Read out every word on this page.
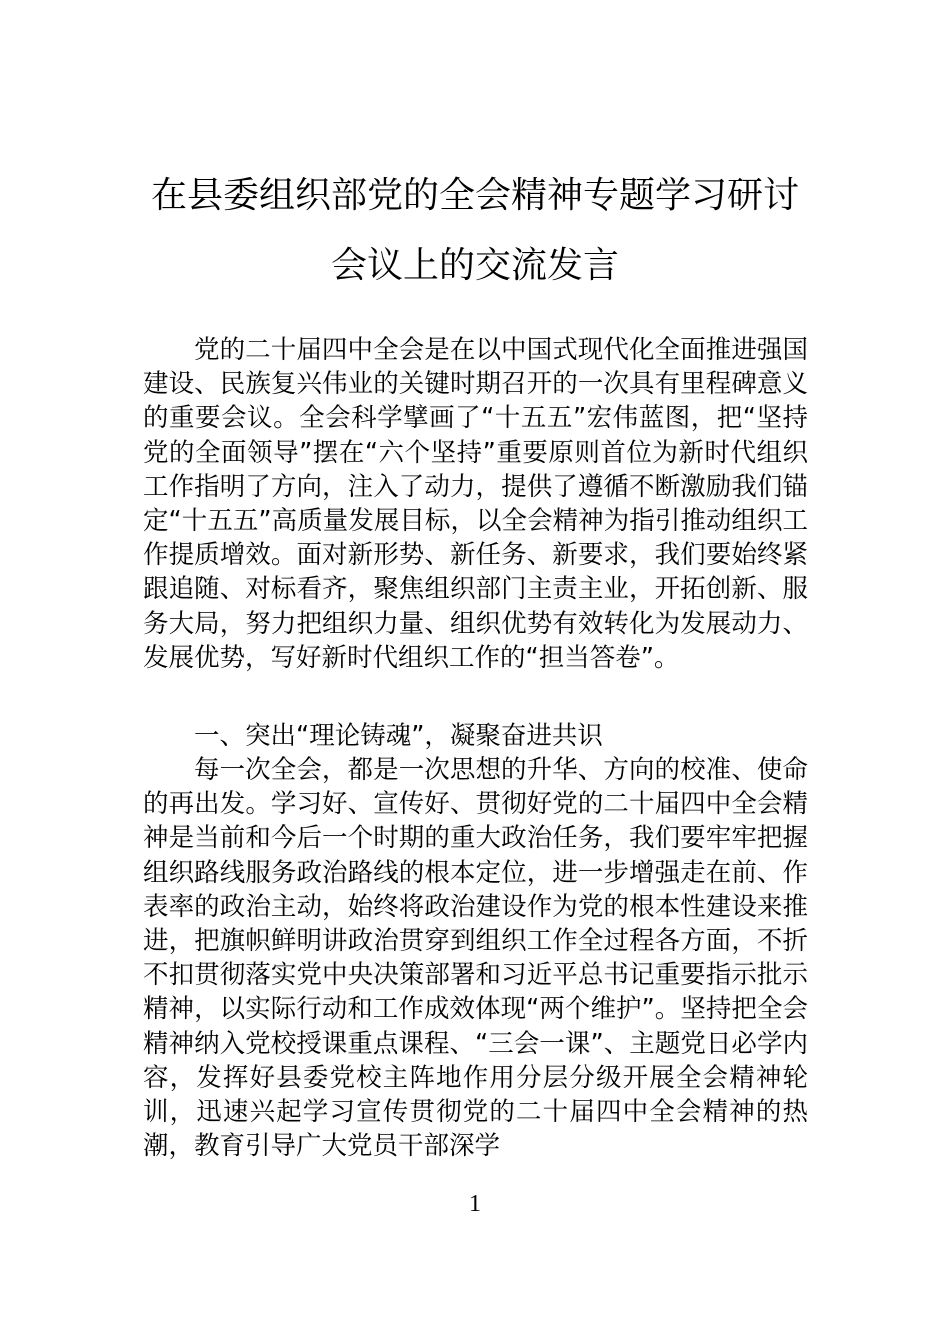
在县委组织部党的全会精神专题学习研讨
会议上的交流发言

党的二十届四中全会是在以中国式现代化全面推进强国建设、民族复兴伟业的关键时期召开的一次具有里程碑意义的重要会议。全会科学擘画了“十五五”宏伟蓝图，把“坚持党的全面领导”摆在“六个坚持”重要原则首位为新时代组织工作指明了方向，注入了动力，提供了遵循不断激励我们锚定“十五五”高质量发展目标，以全会精神为指引推动组织工作提质增效。面对新形势、新任务、新要求，我们要始终紧跟追随、对标看齐，聚焦组织部门主责主业，开拓创新、服务大局，努力把组织力量、组织优势有效转化为发展动力、发展优势，写好新时代组织工作的“担当答卷”。

一、突出“理论铸魂”，凝聚奋进共识

每一次全会，都是一次思想的升华、方向的校准、使命的再出发。学习好、宣传好、贯彻好党的二十届四中全会精神是当前和今后一个时期的重大政治任务，我们要牢牢把握组织路线服务政治路线的根本定位，进一步增强走在前、作表率的政治主动，始终将政治建设作为党的根本性建设来推进，把旗帜鲜明讲政治贯穿到组织工作全过程各方面，不折不扣贯彻落实党中央决策部署和习近平总书记重要指示批示精神，以实际行动和工作成效体现“两个维护”。坚持把全会精神纳入党校授课重点课程、“三会一课”、主题党日必学内容，发挥好县委党校主阵地作用分层分级开展全会精神轮训，迅速兴起学习宣传贯彻党的二十届四中全会精神的热潮，教育引导广大党员干部深学

1
